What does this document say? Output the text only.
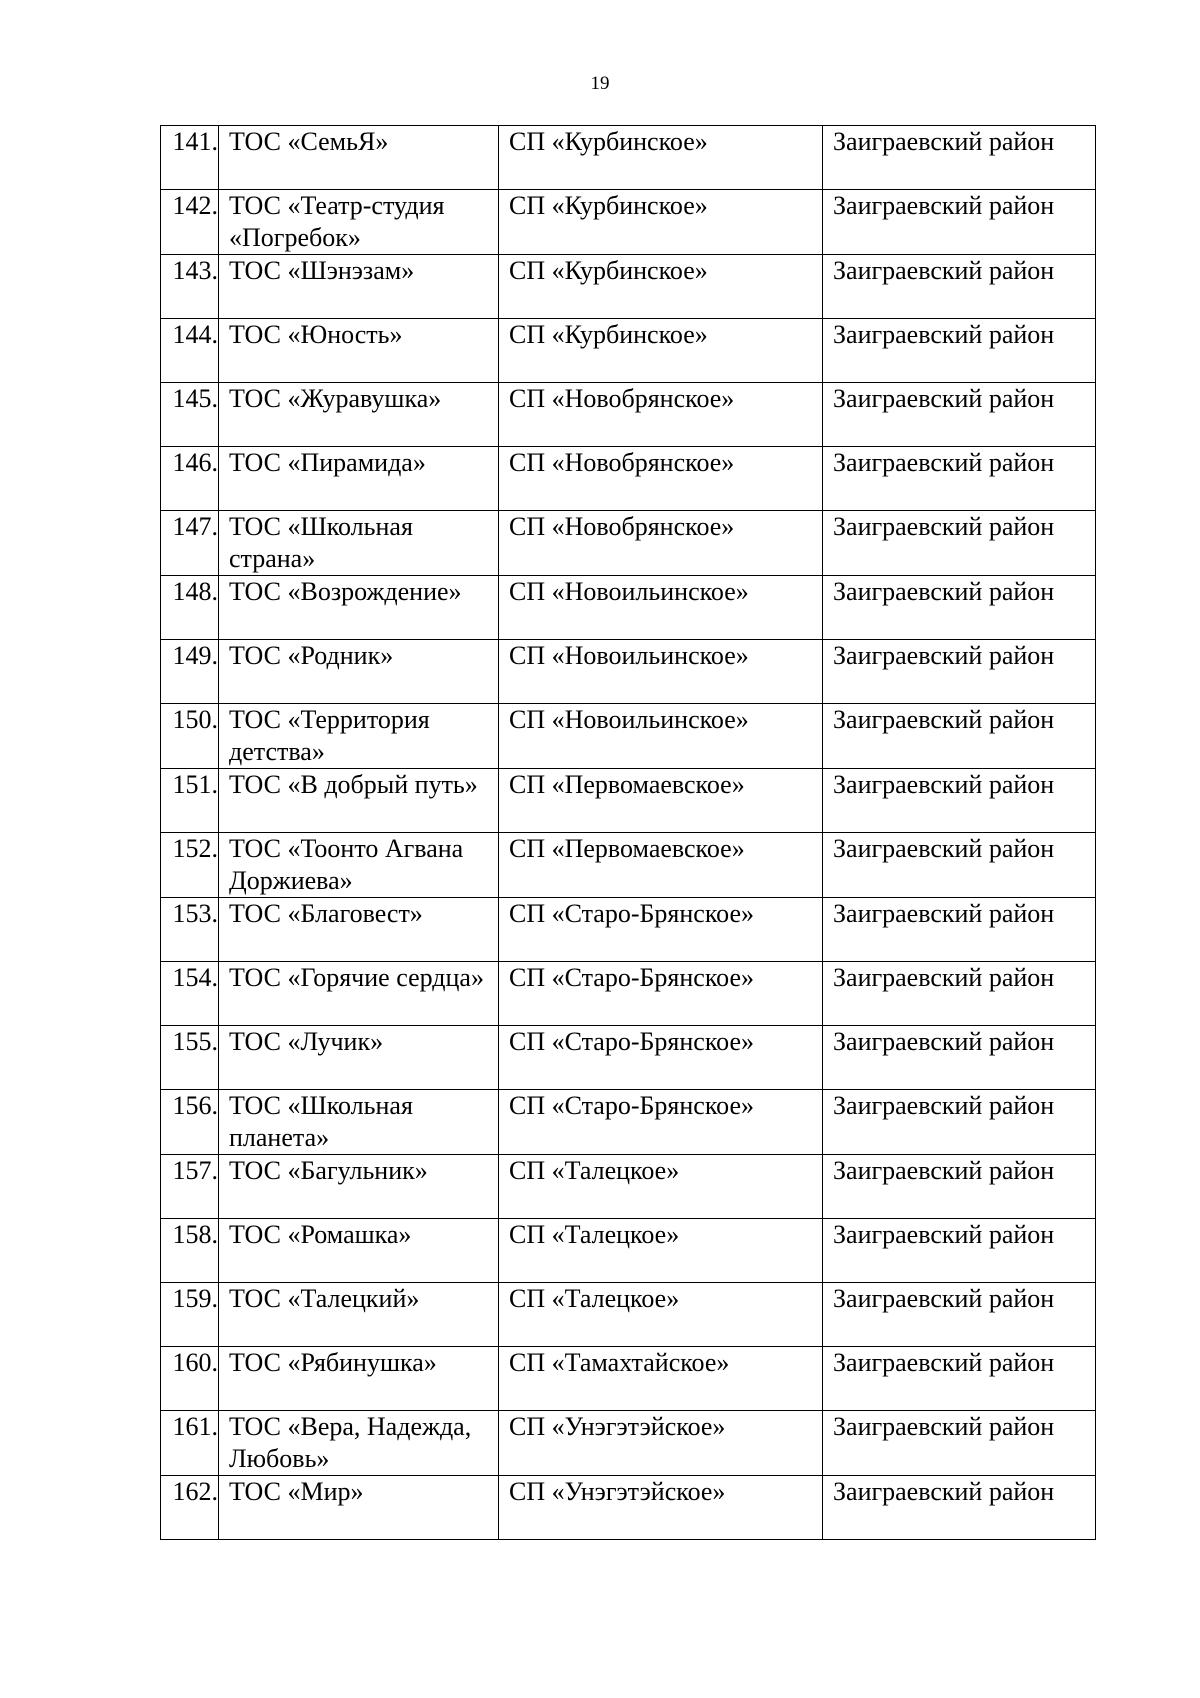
19
141.	ТОС «СемьЯ»	СП «Курбинское»	Заиграевский район

142.	ТОС «Театр-студия «Погребок»	СП «Курбинское»	Заиграевский район

143.	ТОС «Шэнэзам»	СП «Курбинское»	Заиграевский район

144.	ТОС «Юность»	СП «Курбинское»	Заиграевский район

145.	ТОС «Журавушка»	СП «Новобрянское»	Заиграевский район

146.	ТОС «Пирамида»	СП «Новобрянское»	Заиграевский район

147.	ТОС «Школьная страна»	СП «Новобрянское»	Заиграевский район

148.	ТОС «Возрождение»	СП «Новоильинское»	Заиграевский район

149.	ТОС «Родник»	СП «Новоильинское»	Заиграевский район

150.	ТОС «Территория детства»	СП «Новоильинское»	Заиграевский район

151.	ТОС «В добрый путь»	СП «Первомаевское»	Заиграевский район

152.	ТОС «Тоонто Агвана Доржиева»	СП «Первомаевское»	Заиграевский район

153.	ТОС «Благовест»	СП «Старо-Брянское»	Заиграевский район

154.	ТОС «Горячие сердца»	СП «Старо-Брянское»	Заиграевский район

155.	ТОС «Лучик»	СП «Старо-Брянское»	Заиграевский район

156.	ТОС «Школьная планета»	СП «Старо-Брянское»	Заиграевский район

157.	ТОС «Багульник»	СП «Талецкое»	Заиграевский район

158.	ТОС «Ромашка»	СП «Талецкое»	Заиграевский район

159.	ТОС «Талецкий»	СП «Талецкое»	Заиграевский район

160.	ТОС «Рябинушка»	СП «Тамахтайское»	Заиграевский район

161.	ТОС «Вера, Надежда, Любовь»	СП «Унэгэтэйское»	Заиграевский район

162.	ТОС «Мир»	СП «Унэгэтэйское»	Заиграевский район
